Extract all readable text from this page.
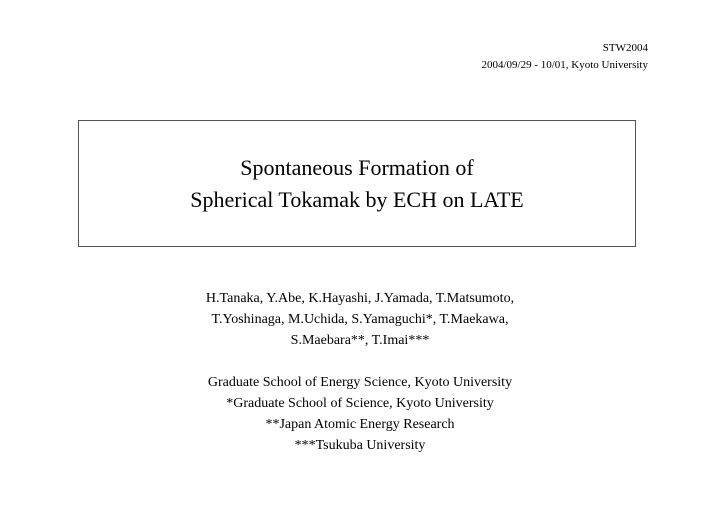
STW2004
2004/09/29 - 10/01, Kyoto University
Spontaneous Formation of
Spherical Tokamak by ECH on LATE
H.Tanaka, Y.Abe, K.Hayashi, J.Yamada, T.Matsumoto,
T.Yoshinaga, M.Uchida, S.Yamaguchi*, T.Maekawa,
S.Maebara**, T.Imai***
Graduate School of Energy Science, Kyoto University
*Graduate School of Science, Kyoto University
**Japan Atomic Energy Research
***Tsukuba University
